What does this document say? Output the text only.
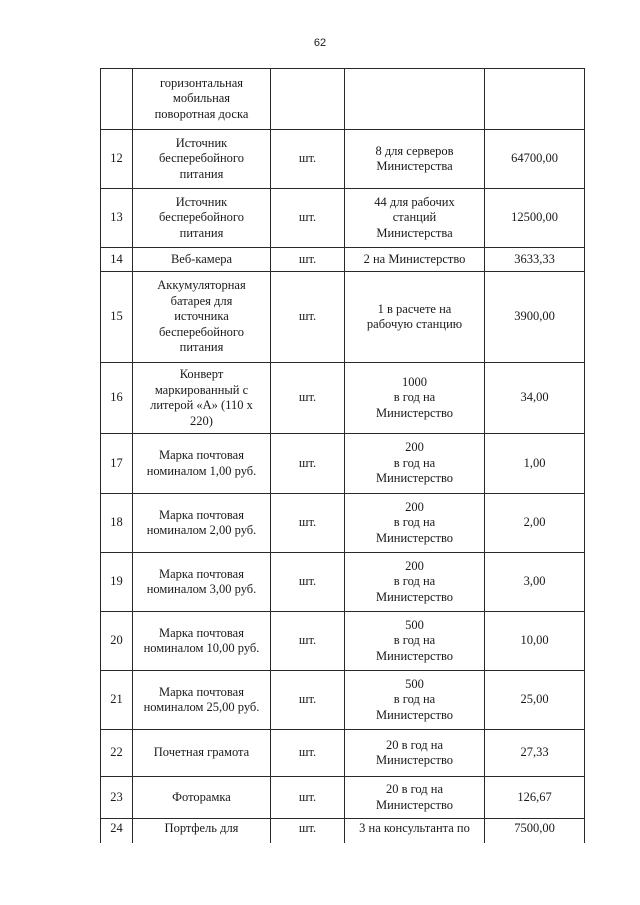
62
	горизонтальная
мобильная
поворотная доска			
12	Источник
бесперебойного
питания	шт.	8 для серверов
Министерства	64700,00
13	Источник
бесперебойного
питания	шт.	44 для рабочих
станций
Министерства	12500,00
14	Веб-камера	шт.	2 на Министерство	3633,33
15	Аккумуляторная
батарея для
источника
бесперебойного
питания	шт.	1 в расчете на
рабочую станцию	3900,00
16	Конверт
маркированный с
литерой «А» (110 х
220)	шт.	1000
в год на
Министерство	34,00
17	Марка почтовая
номиналом 1,00 руб.	шт.	200
в год на
Министерство	1,00
18	Марка почтовая
номиналом 2,00 руб.	шт.	200
в год на
Министерство	2,00
19	Марка почтовая
номиналом 3,00 руб.	шт.	200
в год на
Министерство	3,00
20	Марка почтовая
номиналом 10,00 руб.	шт.	500
в год на
Министерство	10,00
21	Марка почтовая
номиналом 25,00 руб.	шт.	500
в год на
Министерство	25,00
22	Почетная грамота	шт.	20 в год на
Министерство	27,33
23	Фоторамка	шт.	20 в год на
Министерство	126,67
24	Портфель для	шт.	3 на консультанта по	7500,00
